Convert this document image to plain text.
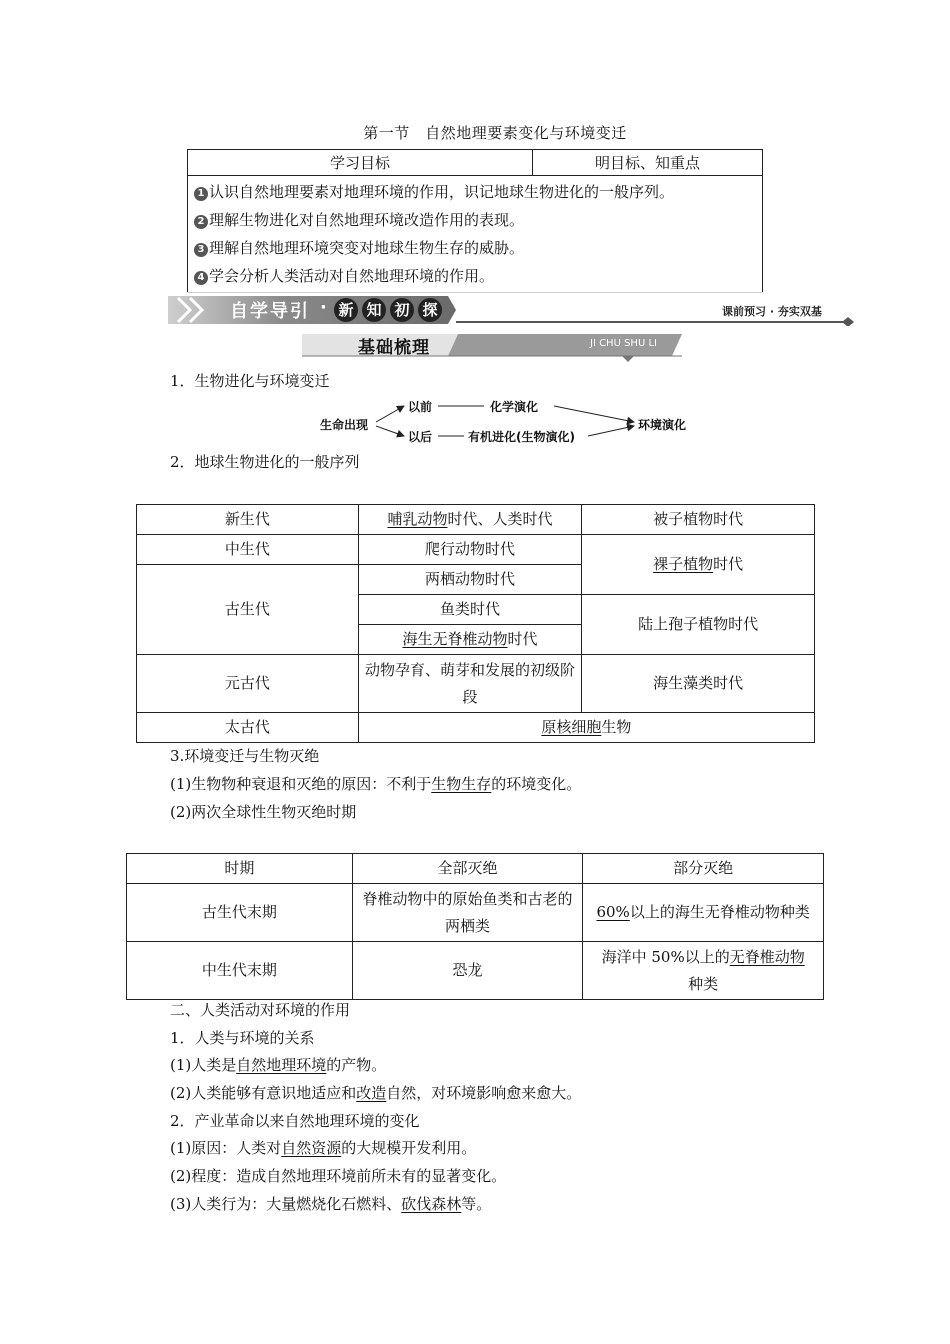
第一节　自然地理要素变化与环境变迁
学习目标	明目标、知重点

1 认识自然地理要素对地理环境的作用，识记地球生物进化的一般序列。
2 理解生物进化对自然地理环境改造作用的表现。
3 理解自然地理环境突变对地球生物生存的威胁。
4 学会分析人类活动对自然地理环境的作用。
自学导引 · 新 知 初 探	课前预习 · 夯实双基
基础梳理	JI CHU SHU LI
1．生物进化与环境变迁
生命出现
以前	化学演化
以后	有机进化(生物演化)
环境演化
2．地球生物进化的一般序列
新生代	哺乳动物时代、人类时代	被子植物时代
中生代	爬行动物时代	裸子植物时代
古生代	两栖动物时代	
	鱼类时代	陆上孢子植物时代
	海生无脊椎动物时代	
元古代	动物孕育、萌芽和发展的初级阶段	海生藻类时代
太古代	原核细胞生物	
3.环境变迁与生物灭绝
(1)生物物种衰退和灭绝的原因：不利于生物生存的环境变化。
(2)两次全球性生物灭绝时期
时期	全部灭绝	部分灭绝
古生代末期	脊椎动物中的原始鱼类和古老的两栖类	60%以上的海生无脊椎动物种类
中生代末期	恐龙	海洋中 50%以上的无脊椎动物
种类
二、人类活动对环境的作用
1．人类与环境的关系
(1)人类是自然地理环境的产物。
(2)人类能够有意识地适应和改造自然，对环境影响愈来愈大。
2．产业革命以来自然地理环境的变化
(1)原因：人类对自然资源的大规模开发利用。
(2)程度：造成自然地理环境前所未有的显著变化。
(3)人类行为：大量燃烧化石燃料、砍伐森林等。
